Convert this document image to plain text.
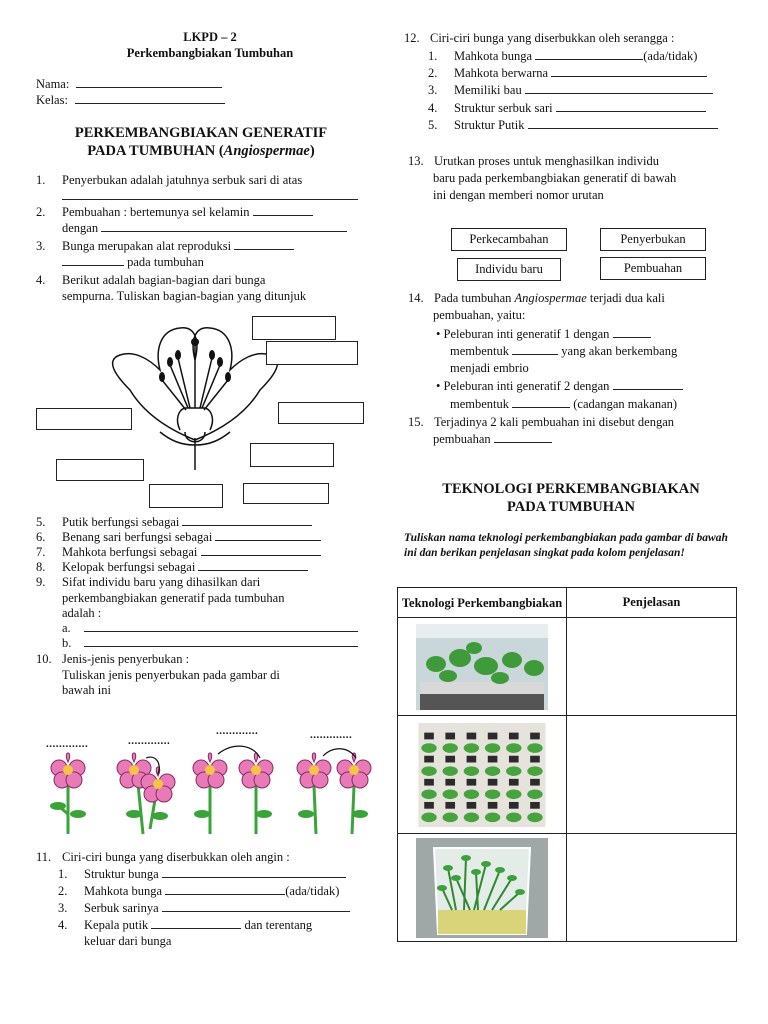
LKPD – 2
Perkembangbiakan Tumbuhan
Nama:
Kelas:
PERKEMBANGBIAKAN GENERATIF
PADA TUMBUHAN (Angiospermae)
1. Penyerbukan adalah jatuhnya serbuk sari di atas
2. Pembuahan : bertemunya sel kelamin
dengan
3. Bunga merupakan alat reproduksi
pada tumbuhan
4. Berikut adalah bagian-bagian dari bunga
sempurna. Tuliskan bagian-bagian yang ditunjuk
5. Putik berfungsi sebagai
6. Benang sari berfungsi sebagai
7. Mahkota berfungsi sebagai
8. Kelopak berfungsi sebagai
9. Sifat individu baru yang dihasilkan dari
perkembangbiakan generatif pada tumbuhan
adalah :
a.
b.
10. Jenis-jenis penyerbukan :
Tuliskan jenis penyerbukan pada gambar di
bawah ini
.............	.............
.............	.............
11. Ciri-ciri bunga yang diserbukkan oleh angin :
1. Struktur bunga
2. Mahkota bunga	(ada/tidak)
3. Serbuk sarinya
4. Kepala putik	dan terentang
keluar dari bunga
12. Ciri-ciri bunga yang diserbukkan oleh serangga :
1. Mahkota bunga	(ada/tidak)
2. Mahkota berwarna
3. Memiliki bau
4. Struktur serbuk sari
5. Struktur Putik
13. Urutkan proses untuk menghasilkan individu
baru pada perkembangbiakan generatif di bawah
ini dengan memberi nomor urutan
Perkecambahan	Penyerbukan
Individu baru	Pembuahan
14. Pada tumbuhan Angiospermae terjadi dua kali
pembuahan, yaitu:
• Peleburan inti generatif 1 dengan
membentuk	yang akan berkembang
menjadi embrio
• Peleburan inti generatif 2 dengan
membentuk	(cadangan makanan)
15. Terjadinya 2 kali pembuahan ini disebut dengan
pembuahan
TEKNOLOGI PERKEMBANGBIAKAN
PADA TUMBUHAN
Tuliskan nama teknologi perkembangbiakan pada gambar di bawah ini dan berikan penjelasan singkat pada kolom penjelasan!
Teknologi Perkembangbiakan	Penjelasan
